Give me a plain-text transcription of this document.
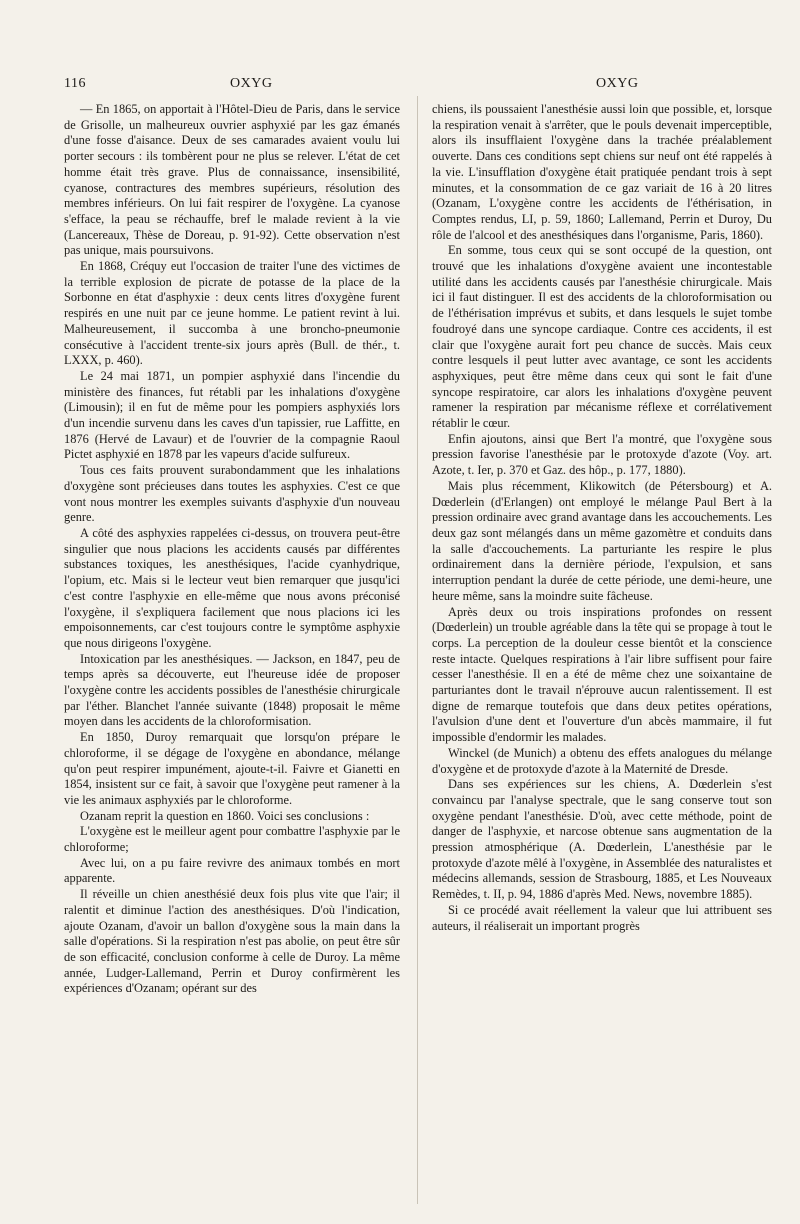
116	OXYG	OXYG

— En 1865, on apportait à l'Hôtel-Dieu de Paris, dans le service de Grisolle, un malheureux ouvrier asphyxié par les gaz émanés d'une fosse d'aisance. Deux de ses camarades avaient voulu lui porter secours : ils tombèrent pour ne plus se relever. L'état de cet homme était très grave. Plus de connaissance, insensibilité, cyanose, contractures des membres supérieurs, résolution des membres inférieurs. On lui fait respirer de l'oxygène. La cyanose s'efface, la peau se réchauffe, bref le malade revient à la vie (Lancereaux, Thèse de Doreau, p. 91-92). Cette observation n'est pas unique, mais poursuivons.

En 1868, Créquy eut l'occasion de traiter l'une des victimes de la terrible explosion de picrate de potasse de la place de la Sorbonne en état d'asphyxie : deux cents litres d'oxygène furent respirés en une nuit par ce jeune homme. Le patient revint à lui. Malheureusement, il succomba à une broncho-pneumonie consécutive à l'accident trente-six jours après (Bull. de thér., t. LXXX, p. 460).

Le 24 mai 1871, un pompier asphyxié dans l'incendie du ministère des finances, fut rétabli par les inhalations d'oxygène (Limousin); il en fut de même pour les pompiers asphyxiés lors d'un incendie survenu dans les caves d'un tapissier, rue Laffitte, en 1876 (Hervé de Lavaur) et de l'ouvrier de la compagnie Raoul Pictet asphyxié en 1878 par les vapeurs d'acide sulfureux.

Tous ces faits prouvent surabondamment que les inhalations d'oxygène sont précieuses dans toutes les asphyxies. C'est ce que vont nous montrer les exemples suivants d'asphyxie d'un nouveau genre.

A côté des asphyxies rappelées ci-dessus, on trouvera peut-être singulier que nous placions les accidents causés par différentes substances toxiques, les anesthésiques, l'acide cyanhydrique, l'opium, etc. Mais si le lecteur veut bien remarquer que jusqu'ici c'est contre l'asphyxie en elle-même que nous avons préconisé l'oxygène, il s'expliquera facilement que nous placions ici les empoisonnements, car c'est toujours contre le symptôme asphyxie que nous dirigeons l'oxygène.

Intoxication par les anesthésiques. — Jackson, en 1847, peu de temps après sa découverte, eut l'heureuse idée de proposer l'oxygène contre les accidents possibles de l'anesthésie chirurgicale par l'éther. Blanchet l'année suivante (1848) proposait le même moyen dans les accidents de la chloroformisation.

En 1850, Duroy remarquait que lorsqu'on prépare le chloroforme, il se dégage de l'oxygène en abondance, mélange qu'on peut respirer impunément, ajoute-t-il. Faivre et Gianetti en 1854, insistent sur ce fait, à savoir que l'oxygène peut ramener à la vie les animaux asphyxiés par le chloroforme.

Ozanam reprit la question en 1860. Voici ses conclusions :

L'oxygène est le meilleur agent pour combattre l'asphyxie par le chloroforme;

Avec lui, on a pu faire revivre des animaux tombés en mort apparente.

Il réveille un chien anesthésié deux fois plus vite que l'air; il ralentit et diminue l'action des anesthésiques. D'où l'indication, ajoute Ozanam, d'avoir un ballon d'oxygène sous la main dans la salle d'opérations. Si la respiration n'est pas abolie, on peut être sûr de son efficacité, conclusion conforme à celle de Duroy. La même année, Ludger-Lallemand, Perrin et Duroy confirmèrent les expériences d'Ozanam; opérant sur des

chiens, ils poussaient l'anesthésie aussi loin que possible, et, lorsque la respiration venait à s'arrêter, que le pouls devenait imperceptible, alors ils insufflaient l'oxygène dans la trachée préalablement ouverte. Dans ces conditions sept chiens sur neuf ont été rappelés à la vie. L'insufflation d'oxygène était pratiquée pendant trois à sept minutes, et la consommation de ce gaz variait de 16 à 20 litres (Ozanam, L'oxygène contre les accidents de l'éthérisation, in Comptes rendus, LI, p. 59, 1860; Lallemand, Perrin et Duroy, Du rôle de l'alcool et des anesthésiques dans l'organisme, Paris, 1860).

En somme, tous ceux qui se sont occupé de la question, ont trouvé que les inhalations d'oxygène avaient une incontestable utilité dans les accidents causés par l'anesthésie chirurgicale. Mais ici il faut distinguer. Il est des accidents de la chloroformisation ou de l'éthérisation imprévus et subits, et dans lesquels le sujet tombe foudroyé dans une syncope cardiaque. Contre ces accidents, il est clair que l'oxygène aurait fort peu chance de succès. Mais ceux contre lesquels il peut lutter avec avantage, ce sont les accidents asphyxiques, peut être même dans ceux qui sont le fait d'une syncope respiratoire, car alors les inhalations d'oxygène peuvent ramener la respiration par mécanisme réflexe et corrélativement rétablir le cœur.

Enfin ajoutons, ainsi que Bert l'a montré, que l'oxygène sous pression favorise l'anesthésie par le protoxyde d'azote (Voy. art. Azote, t. Ier, p. 370 et Gaz. des hôp., p. 177, 1880).

Mais plus récemment, Klikowitch (de Pétersbourg) et A. Dœderlein (d'Erlangen) ont employé le mélange Paul Bert à la pression ordinaire avec grand avantage dans les accouchements. Les deux gaz sont mélangés dans un même gazomètre et conduits dans la salle d'accouchements. La parturiante les respire le plus ordinairement dans la dernière période, l'expulsion, et sans interruption pendant la durée de cette période, une demi-heure, une heure même, sans la moindre suite fâcheuse.

Après deux ou trois inspirations profondes on ressent (Dœderlein) un trouble agréable dans la tête qui se propage à tout le corps. La perception de la douleur cesse bientôt et la conscience reste intacte. Quelques respirations à l'air libre suffisent pour faire cesser l'anesthésie. Il en a été de même chez une soixantaine de parturiantes dont le travail n'éprouve aucun ralentissement. Il est digne de remarque toutefois que dans deux petites opérations, l'avulsion d'une dent et l'ouverture d'un abcès mammaire, il fut impossible d'endormir les malades.

Winckel (de Munich) a obtenu des effets analogues du mélange d'oxygène et de protoxyde d'azote à la Maternité de Dresde.

Dans ses expériences sur les chiens, A. Dœderlein s'est convaincu par l'analyse spectrale, que le sang conserve tout son oxygène pendant l'anesthésie. D'où, avec cette méthode, point de danger de l'asphyxie, et narcose obtenue sans augmentation de la pression atmosphérique (A. Dœderlein, L'anesthésie par le protoxyde d'azote mêlé à l'oxygène, in Assemblée des naturalistes et médecins allemands, session de Strasbourg, 1885, et Les Nouveaux Remèdes, t. II, p. 94, 1886 d'après Med. News, novembre 1885).

Si ce procédé avait réellement la valeur que lui attribuent ses auteurs, il réaliserait un important progrès
